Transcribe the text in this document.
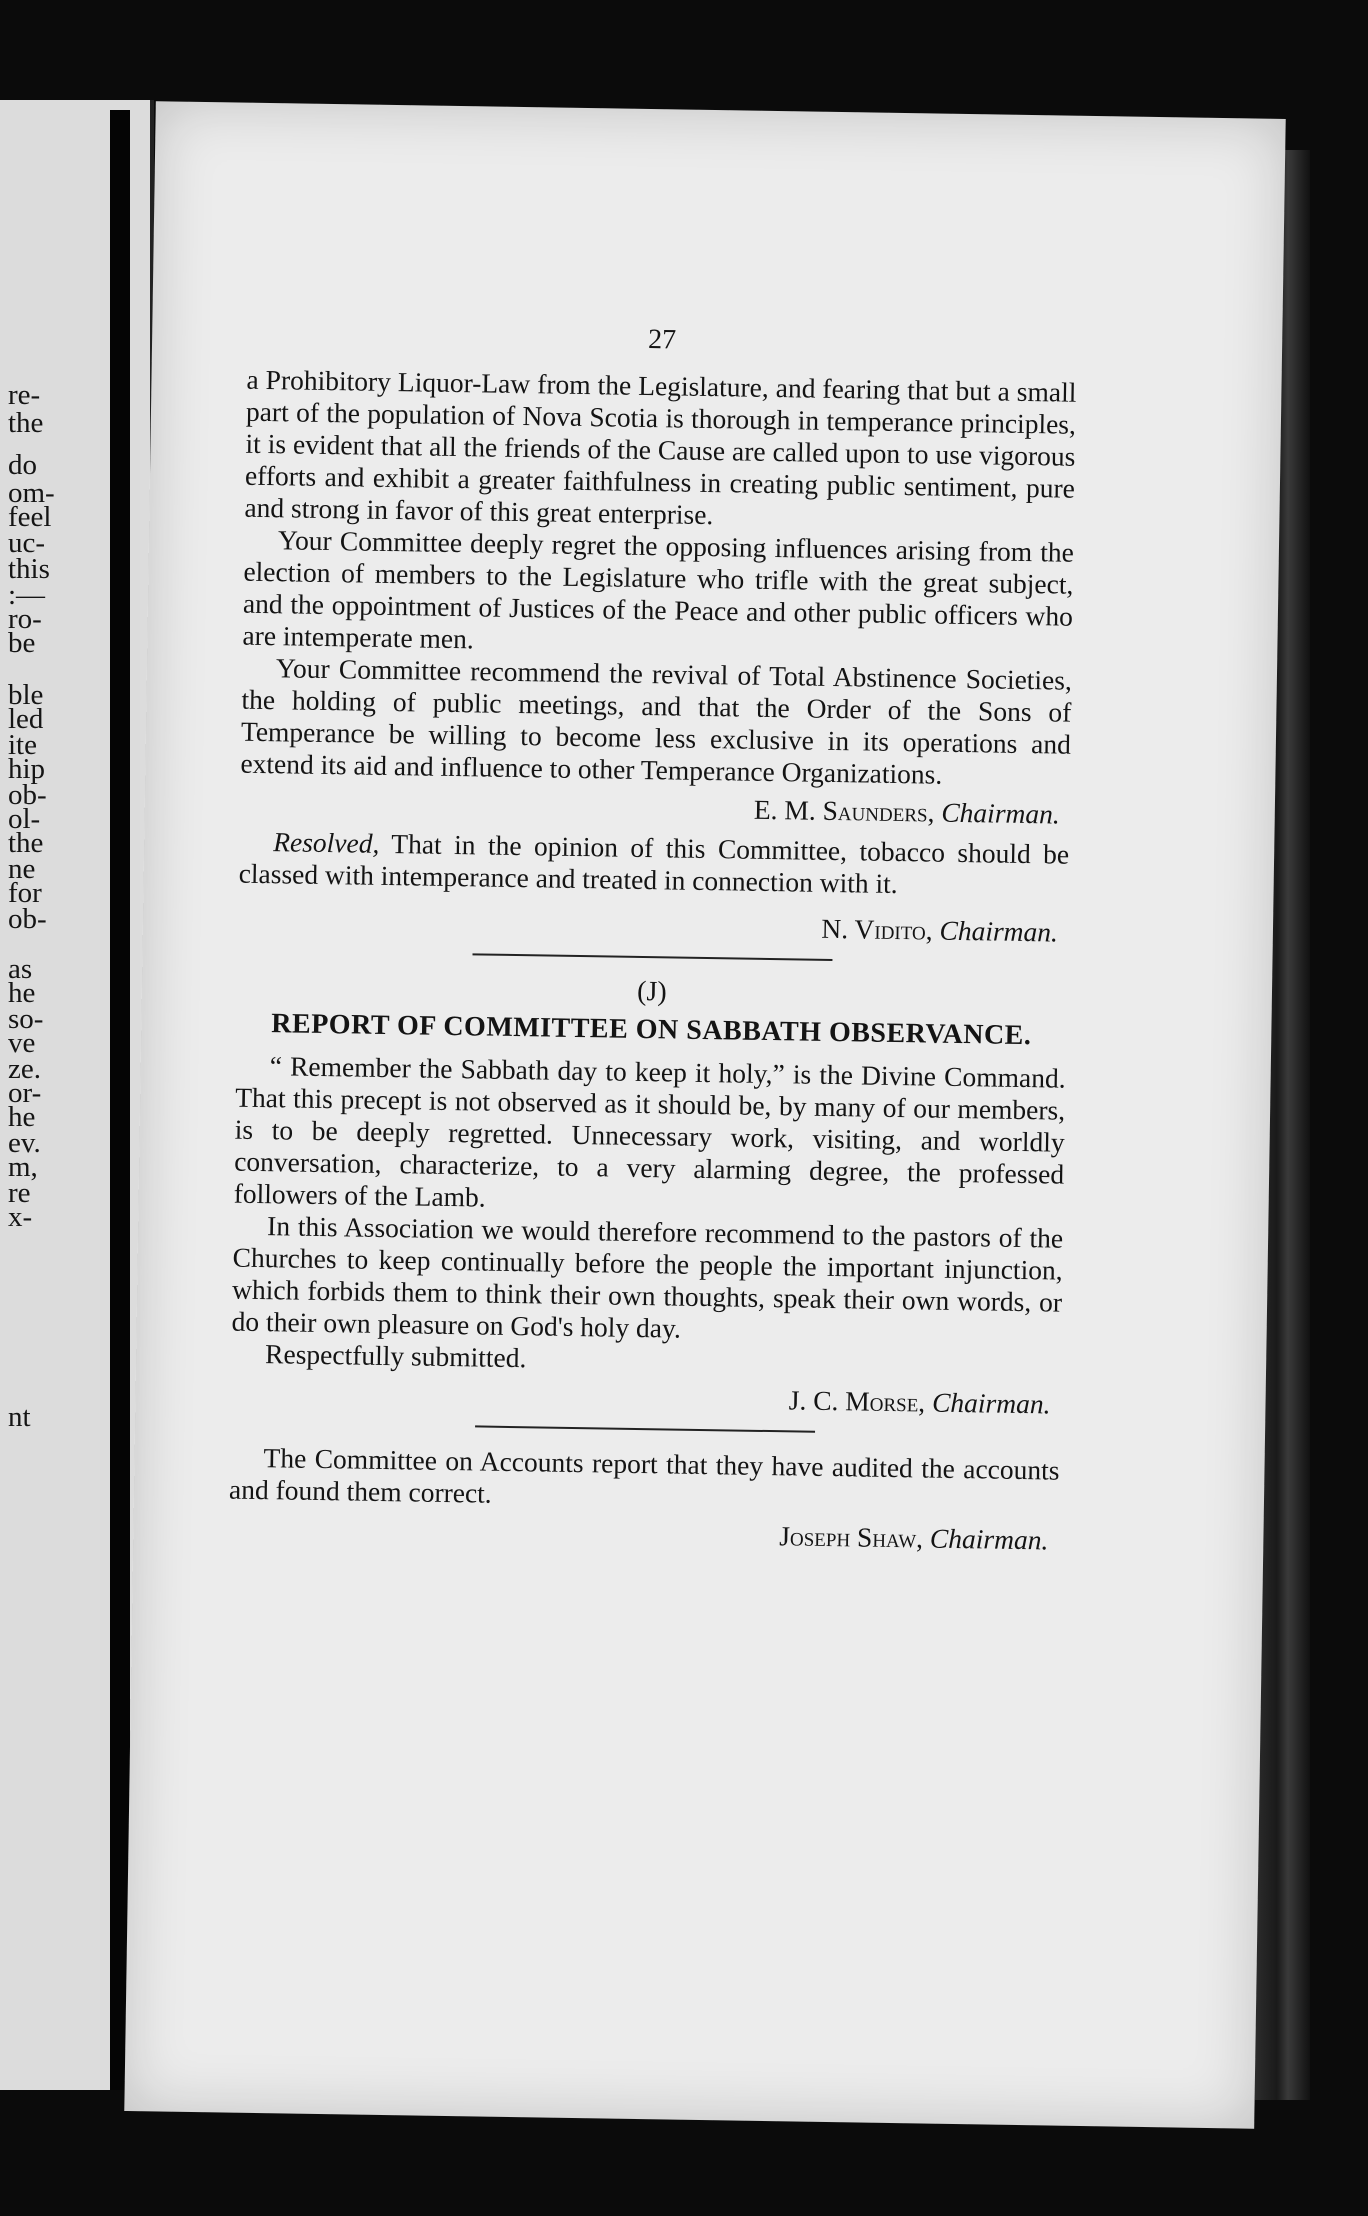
re-
the
do
om-
feel
uc-
this
:—
ro-
be
ble
led
ite
hip
ob-
ol-
the
ne
for
ob-
as
he
so-
ve
ze.
or-
he
ev.
m,
re
x-
nt
27

a Prohibitory Liquor-Law from the Legislature, and fearing that but a small part of the population of Nova Scotia is thorough in temperance principles, it is evident that all the friends of the Cause are called upon to use vigorous efforts and exhibit a greater faithfulness in creating public sentiment, pure and strong in favor of this great enterprise.

Your Committee deeply regret the opposing influences arising from the election of members to the Legislature who trifle with the great subject, and the oppointment of Justices of the Peace and other public officers who are intemperate men.

Your Committee recommend the revival of Total Abstinence Societies, the holding of public meetings, and that the Order of the Sons of Temperance be willing to become less exclusive in its operations and extend its aid and influence to other Temperance Organizations.

E. M. Saunders, Chairman.

Resolved, That in the opinion of this Committee, tobacco should be classed with intemperance and treated in connection with it.

N. Vidito, Chairman.
(J)
REPORT OF COMMITTEE ON SABBATH OBSERVANCE.

“ Remember the Sabbath day to keep it holy,” is the Divine Command. That this precept is not observed as it should be, by many of our members, is to be deeply regretted. Unnecessary work, visiting, and worldly conversation, characterize, to a very alarming degree, the professed followers of the Lamb.

In this Association we would therefore recommend to the pastors of the Churches to keep continually before the people the important injunction, which forbids them to think their own thoughts, speak their own words, or do their own pleasure on God's holy day.

Respectfully submitted.

J. C. Morse, Chairman.

The Committee on Accounts report that they have audited the accounts and found them correct.

Joseph Shaw, Chairman.
